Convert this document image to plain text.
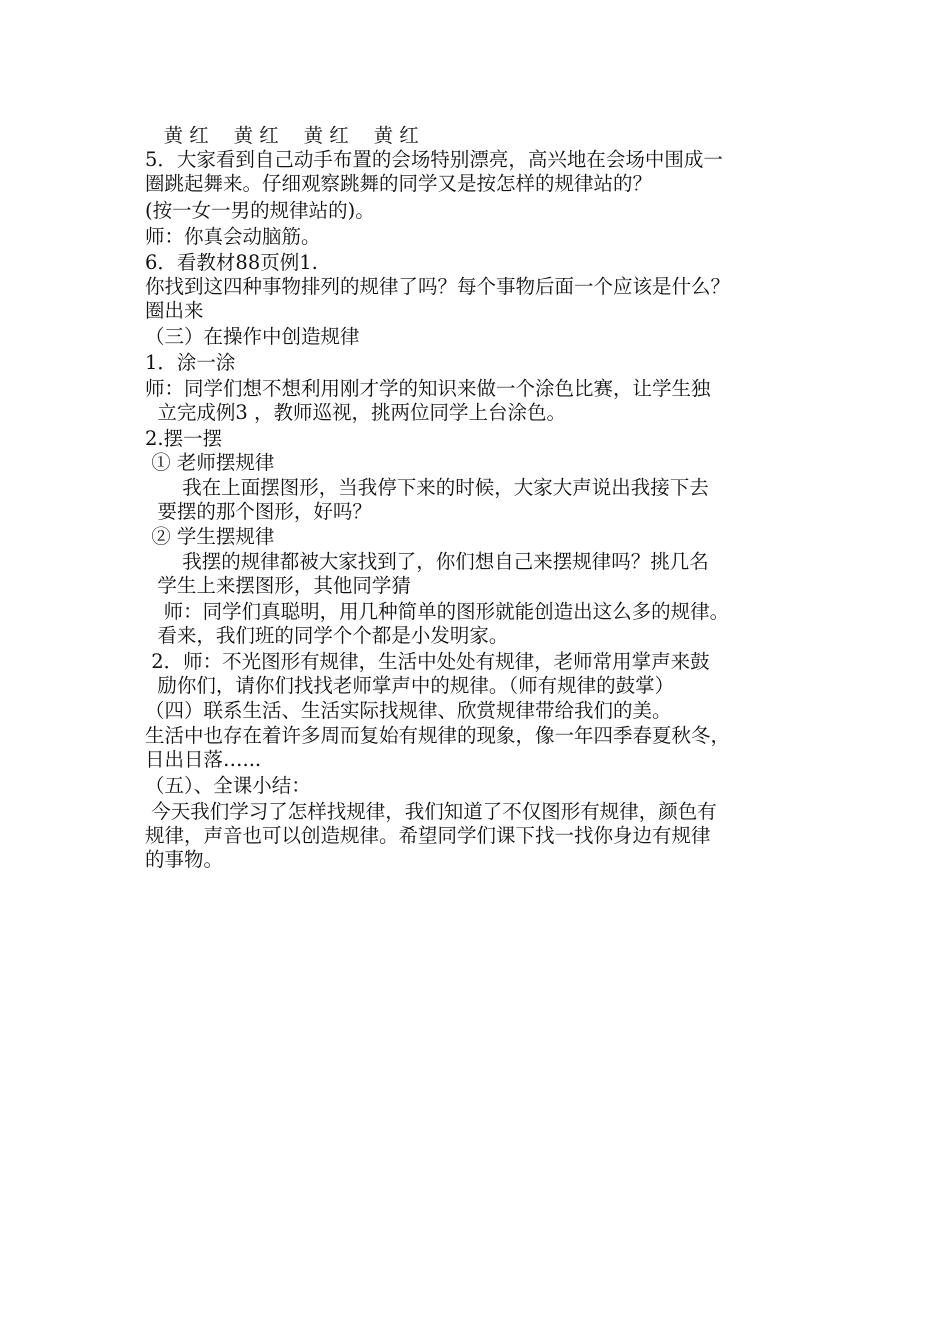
黄 红    黄 红    黄 红    黄 红
5．大家看到自己动手布置的会场特别漂亮，高兴地在会场中围成一
圈跳起舞来。仔细观察跳舞的同学又是按怎样的规律站的？
(按一女一男的规律站的)。
师：你真会动脑筋。
6．看教材88页例1.
你找到这四种事物排列的规律了吗？每个事物后面一个应该是什么？
圈出来
（三）在操作中创造规律
1．涂一涂
师：同学们想不想利用刚才学的知识来做一个涂色比赛，让学生独
立完成例3 ，教师巡视，挑两位同学上台涂色。
2.摆一摆
① 老师摆规律
我在上面摆图形，当我停下来的时候，大家大声说出我接下去
要摆的那个图形，好吗？
② 学生摆规律
我摆的规律都被大家找到了，你们想自己来摆规律吗？挑几名
学生上来摆图形，其他同学猜
师：同学们真聪明，用几种简单的图形就能创造出这么多的规律。
看来，我们班的同学个个都是小发明家。
2．师：不光图形有规律，生活中处处有规律，老师常用掌声来鼓
励你们，请你们找找老师掌声中的规律。（师有规律的鼓掌）
（四）联系生活、生活实际找规律、欣赏规律带给我们的美。
生活中也存在着许多周而复始有规律的现象，像一年四季春夏秋冬，
日出日落…...
（五）、全课小结：
今天我们学习了怎样找规律，我们知道了不仅图形有规律，颜色有
规律，声音也可以创造规律。希望同学们课下找一找你身边有规律
的事物。
